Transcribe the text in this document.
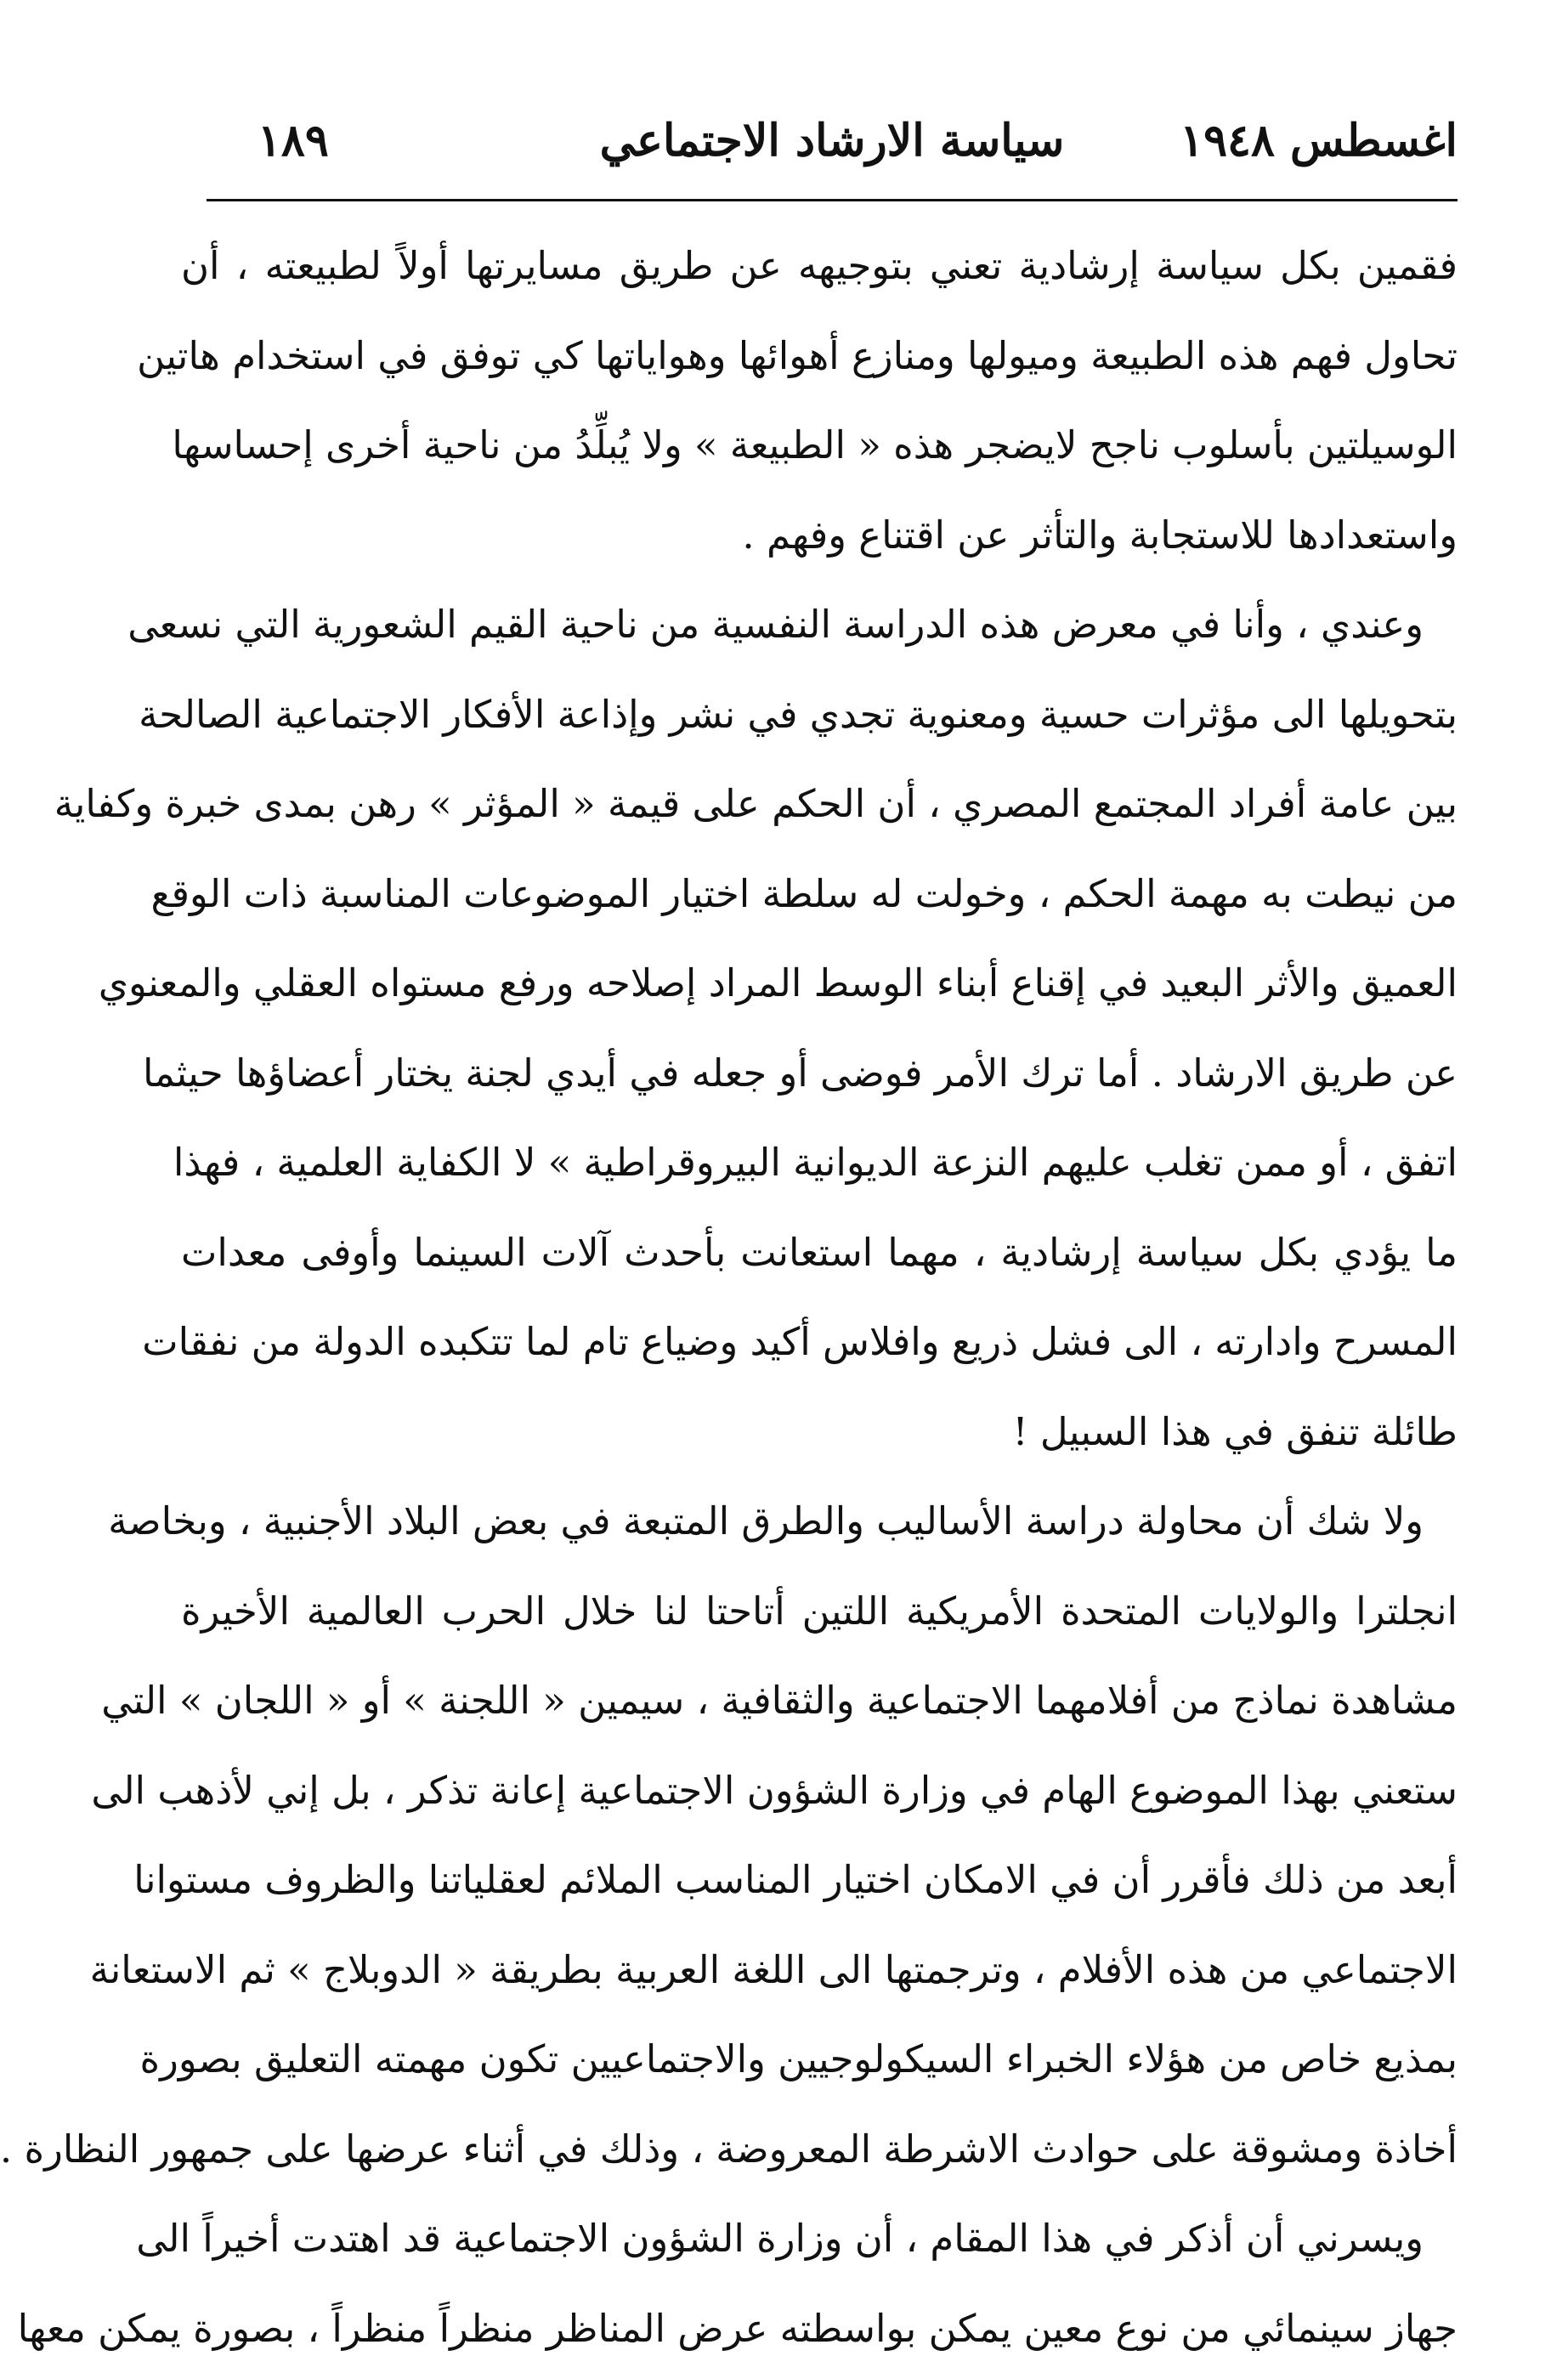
اغسطس ١٩٤٨
سياسة الارشاد الاجتماعي
١٨٩
فقمين بكل سياسة إرشادية تعني بتوجيهه عن طريق مسايرتها أولاً لطبيعته ، أن
تحاول فهم هذه الطبيعة وميولها ومنازع أهوائها وهواياتها كي توفق في استخدام هاتين
الوسيلتين بأسلوب ناجح لايضجر هذه « الطبيعة » ولا يُبلِّدُ من ناحية أخرى إحساسها
واستعدادها للاستجابة والتأثر عن اقتناع وفهم .
وعندي ، وأنا في معرض هذه الدراسة النفسية من ناحية القيم الشعورية التي نسعى
بتحويلها الى مؤثرات حسية ومعنوية تجدي في نشر وإذاعة الأفكار الاجتماعية الصالحة
بين عامة أفراد المجتمع المصري ، أن الحكم على قيمة « المؤثر » رهن بمدى خبرة وكفاية
من نيطت به مهمة الحكم ، وخولت له سلطة اختيار الموضوعات المناسبة ذات الوقع
العميق والأثر البعيد في إقناع أبناء الوسط المراد إصلاحه ورفع مستواه العقلي والمعنوي
عن طريق الارشاد . أما ترك الأمر فوضى أو جعله في أيدي لجنة يختار أعضاؤها حيثما
اتفق ، أو ممن تغلب عليهم النزعة الديوانية البيروقراطية » لا الكفاية العلمية ، فهذا
ما يؤدي بكل سياسة إرشادية ، مهما استعانت بأحدث آلات السينما وأوفى معدات
المسرح وادارته ، الى فشل ذريع وافلاس أكيد وضياع تام لما تتكبده الدولة من نفقات
طائلة تنفق في هذا السبيل !
ولا شك أن محاولة دراسة الأساليب والطرق المتبعة في بعض البلاد الأجنبية ، وبخاصة
انجلترا والولايات المتحدة الأمريكية اللتين أتاحتا لنا خلال الحرب العالمية الأخيرة
مشاهدة نماذج من أفلامهما الاجتماعية والثقافية ، سيمين « اللجنة » أو « اللجان » التي
ستعني بهذا الموضوع الهام في وزارة الشؤون الاجتماعية إعانة تذكر ، بل إني لأذهب الى
أبعد من ذلك فأقرر أن في الامكان اختيار المناسب الملائم لعقلياتنا والظروف مستوانا
الاجتماعي من هذه الأفلام ، وترجمتها الى اللغة العربية بطريقة « الدوبلاج » ثم الاستعانة
بمذيع خاص من هؤلاء الخبراء السيكولوجيين والاجتماعيين تكون مهمته التعليق بصورة
أخاذة ومشوقة على حوادث الاشرطة المعروضة ، وذلك في أثناء عرضها على جمهور النظارة .
ويسرني أن أذكر في هذا المقام ، أن وزارة الشؤون الاجتماعية قد اهتدت أخيراً الى
جهاز سينمائي من نوع معين يمكن بواسطته عرض المناظر منظراً منظراً ، بصورة يمكن معها
